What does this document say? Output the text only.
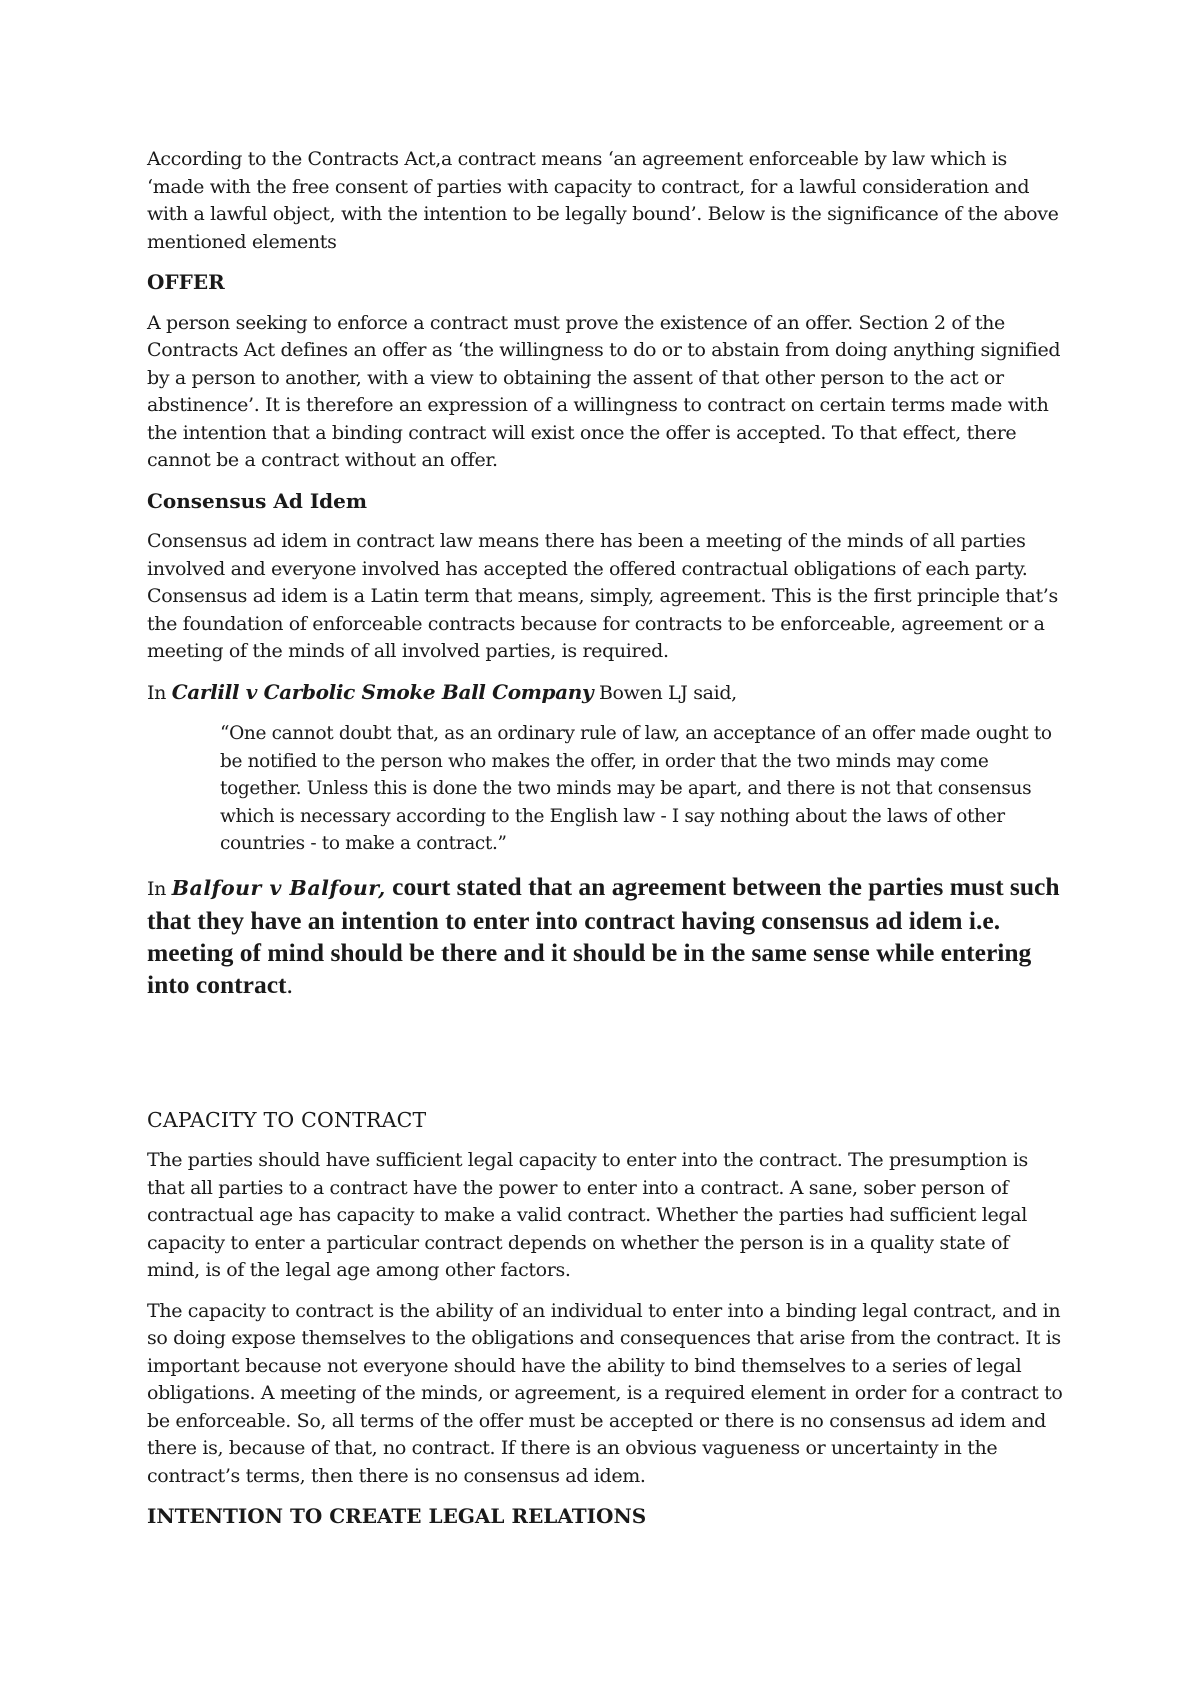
According to the Contracts Act,a contract means ‘an agreement enforceable by law which is ‘made with the free consent of parties with capacity to contract, for a lawful consideration and with a lawful object, with the intention to be legally bound’. Below is the significance of the above mentioned elements

OFFER

A person seeking to enforce a contract must prove the existence of an offer. Section 2 of the Contracts Act defines an offer as ‘the willingness to do or to abstain from doing anything signified by a person to another, with a view to obtaining the assent of that other person to the act or abstinence’. It is therefore an expression of a willingness to contract on certain terms made with the intention that a binding contract will exist once the offer is accepted. To that effect, there cannot be a contract without an offer.

Consensus Ad Idem

Consensus ad idem in contract law means there has been a meeting of the minds of all parties involved and everyone involved has accepted the offered contractual obligations of each party. Consensus ad idem is a Latin term that means, simply, agreement. This is the first principle that’s the foundation of enforceable contracts because for contracts to be enforceable, agreement or a meeting of the minds of all involved parties, is required.

In Carlill v Carbolic Smoke Ball Company Bowen LJ said,

“One cannot doubt that, as an ordinary rule of law, an acceptance of an offer made ought to be notified to the person who makes the offer, in order that the two minds may come together. Unless this is done the two minds may be apart, and there is not that consensus which is necessary according to the English law - I say nothing about the laws of other countries - to make a contract.”

In Balfour v Balfour, court stated that an agreement between the parties must such that they have an intention to enter into contract having consensus ad idem i.e. meeting of mind should be there and it should be in the same sense while entering into contract.

CAPACITY TO CONTRACT

The parties should have sufficient legal capacity to enter into the contract. The presumption is that all parties to a contract have the power to enter into a contract. A sane, sober person of contractual age has capacity to make a valid contract. Whether the parties had sufficient legal capacity to enter a particular contract depends on whether the person is in a quality state of mind, is of the legal age among other factors.

The capacity to contract is the ability of an individual to enter into a binding legal contract, and in so doing expose themselves to the obligations and consequences that arise from the contract. It is important because not everyone should have the ability to bind themselves to a series of legal obligations. A meeting of the minds, or agreement, is a required element in order for a contract to be enforceable. So, all terms of the offer must be accepted or there is no consensus ad idem and there is, because of that, no contract. If there is an obvious vagueness or uncertainty in the contract’s terms, then there is no consensus ad idem.

INTENTION TO CREATE LEGAL RELATIONS
